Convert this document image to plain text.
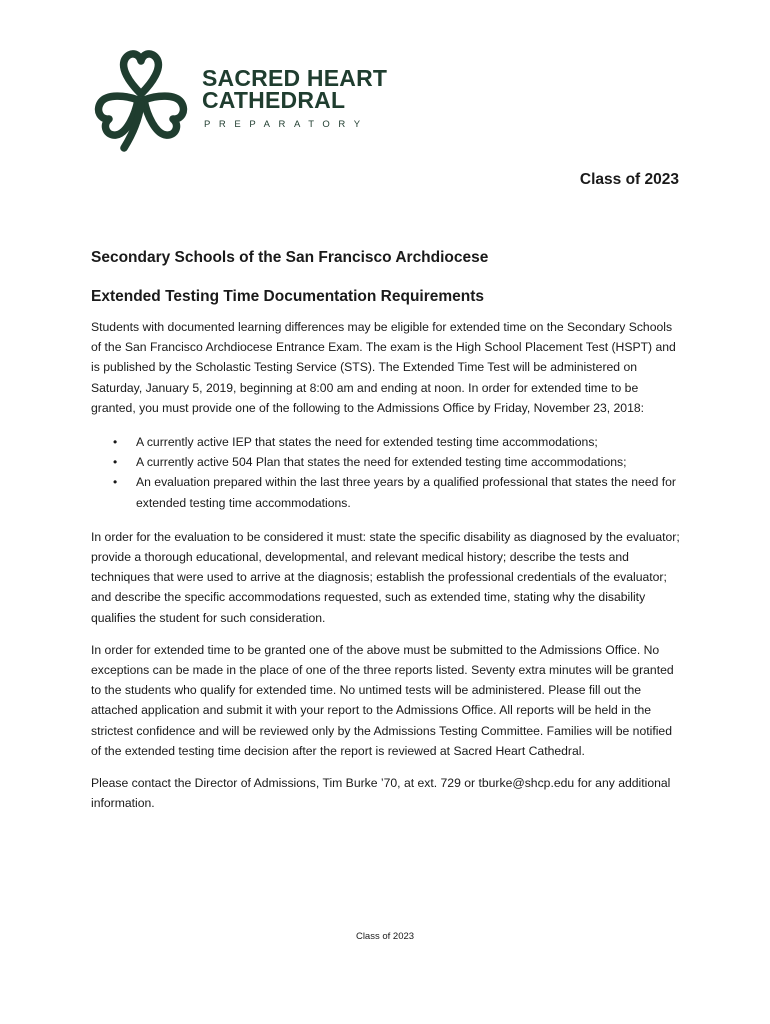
SACRED HEART
CATHEDRAL
PREPARATORY
Class of 2023
Secondary Schools of the San Francisco Archdiocese
Extended Testing Time Documentation Requirements

Students with documented learning differences may be eligible for extended time on the Secondary Schools of the San Francisco Archdiocese Entrance Exam. The exam is the High School Placement Test (HSPT) and is published by the Scholastic Testing Service (STS). The Extended Time Test will be administered on Saturday, January 5, 2019, beginning at 8:00 am and ending at noon. In order for extended time to be granted, you must provide one of the following to the Admissions Office by Friday, November 23, 2018:

• A currently active IEP that states the need for extended testing time accommodations;
• A currently active 504 Plan that states the need for extended testing time accommodations;
• An evaluation prepared within the last three years by a qualified professional that states the need for extended testing time accommodations.

In order for the evaluation to be considered it must: state the specific disability as diagnosed by the evaluator; provide a thorough educational, developmental, and relevant medical history; describe the tests and techniques that were used to arrive at the diagnosis; establish the professional credentials of the evaluator; and describe the specific accommodations requested, such as extended time, stating why the disability qualifies the student for such consideration.

In order for extended time to be granted one of the above must be submitted to the Admissions Office. No exceptions can be made in the place of one of the three reports listed. Seventy extra minutes will be granted to the students who qualify for extended time. No untimed tests will be administered. Please fill out the attached application and submit it with your report to the Admissions Office. All reports will be held in the strictest confidence and will be reviewed only by the Admissions Testing Committee. Families will be notified of the extended testing time decision after the report is reviewed at Sacred Heart Cathedral.

Please contact the Director of Admissions, Tim Burke ’70, at ext. 729 or tburke@shcp.edu for any additional information.

Class of 2023
